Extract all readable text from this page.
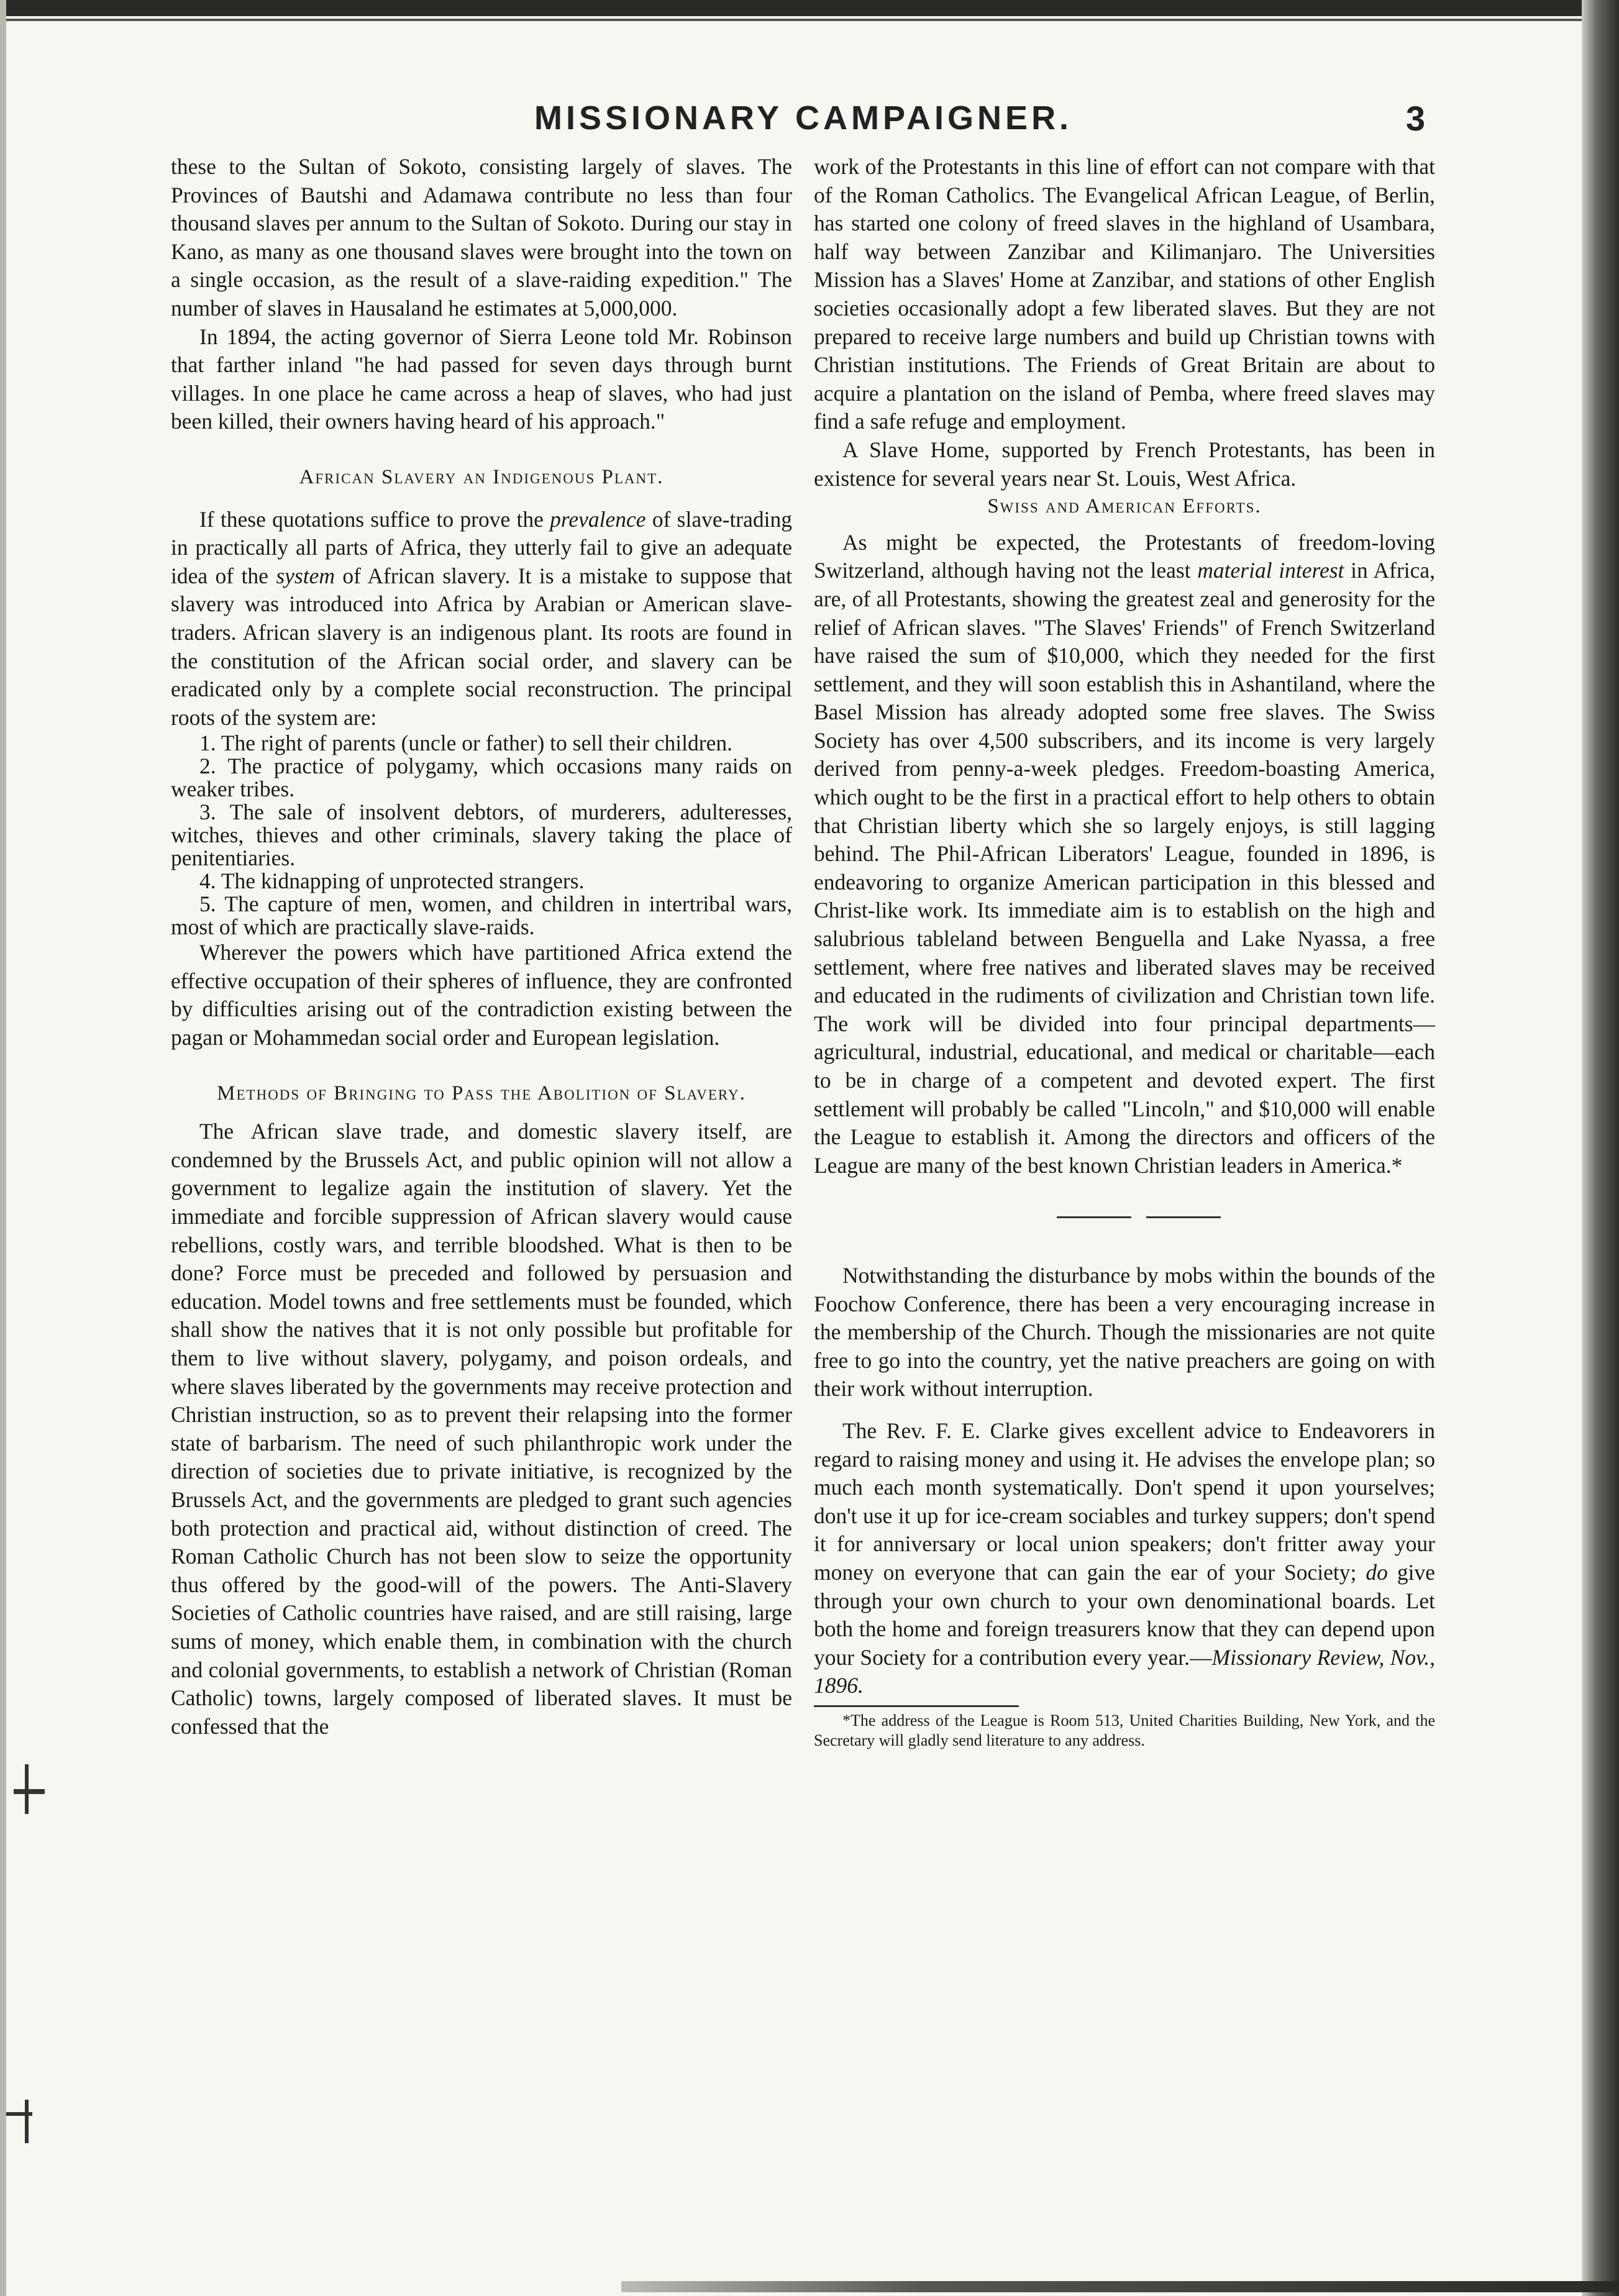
MISSIONARY CAMPAIGNER.	3

these to the Sultan of Sokoto, consisting largely of slaves. The Provinces of Bautshi and Adamawa contribute no less than four thousand slaves per annum to the Sultan of Sokoto. During our stay in Kano, as many as one thousand slaves were brought into the town on a single occasion, as the result of a slave-raiding expedition." The number of slaves in Hausaland he estimates at 5,000,000.

In 1894, the acting governor of Sierra Leone told Mr. Robinson that farther inland "he had passed for seven days through burnt villages. In one place he came across a heap of slaves, who had just been killed, their owners having heard of his approach."

African Slavery an Indigenous Plant.

If these quotations suffice to prove the prevalence of slave-trading in practically all parts of Africa, they utterly fail to give an adequate idea of the system of African slavery. It is a mistake to suppose that slavery was introduced into Africa by Arabian or American slave-traders. African slavery is an indigenous plant. Its roots are found in the constitution of the African social order, and slavery can be eradicated only by a complete social reconstruction. The principal roots of the system are:

1. The right of parents (uncle or father) to sell their children.
2. The practice of polygamy, which occasions many raids on weaker tribes.
3. The sale of insolvent debtors, of murderers, adulteresses, witches, thieves and other criminals, slavery taking the place of penitentiaries.
4. The kidnapping of unprotected strangers.
5. The capture of men, women, and children in intertribal wars, most of which are practically slave-raids.

Wherever the powers which have partitioned Africa extend the effective occupation of their spheres of influence, they are confronted by difficulties arising out of the contradiction existing between the pagan or Mohammedan social order and European legislation.

Methods of Bringing to Pass the Abolition of Slavery.

The African slave trade, and domestic slavery itself, are condemned by the Brussels Act, and public opinion will not allow a government to legalize again the institution of slavery. Yet the immediate and forcible suppression of African slavery would cause rebellions, costly wars, and terrible bloodshed. What is then to be done? Force must be preceded and followed by persuasion and education. Model towns and free settlements must be founded, which shall show the natives that it is not only possible but profitable for them to live without slavery, polygamy, and poison ordeals, and where slaves liberated by the governments may receive protection and Christian instruction, so as to prevent their relapsing into the former state of barbarism. The need of such philanthropic work under the direction of societies due to private initiative, is recognized by the Brussels Act, and the governments are pledged to grant such agencies both protection and practical aid, without distinction of creed. The Roman Catholic Church has not been slow to seize the opportunity thus offered by the good-will of the powers. The Anti-Slavery Societies of Catholic countries have raised, and are still raising, large sums of money, which enable them, in combination with the church and colonial governments, to establish a network of Christian (Roman Catholic) towns, largely composed of liberated slaves. It must be confessed that the

work of the Protestants in this line of effort can not compare with that of the Roman Catholics. The Evangelical African League, of Berlin, has started one colony of freed slaves in the highland of Usambara, half way between Zanzibar and Kilimanjaro. The Universities Mission has a Slaves' Home at Zanzibar, and stations of other English societies occasionally adopt a few liberated slaves. But they are not prepared to receive large numbers and build up Christian towns with Christian institutions. The Friends of Great Britain are about to acquire a plantation on the island of Pemba, where freed slaves may find a safe refuge and employment.

A Slave Home, supported by French Protestants, has been in existence for several years near St. Louis, West Africa.

Swiss and American Efforts.

As might be expected, the Protestants of freedom-loving Switzerland, although having not the least material interest in Africa, are, of all Protestants, showing the greatest zeal and generosity for the relief of African slaves. "The Slaves' Friends" of French Switzerland have raised the sum of $10,000, which they needed for the first settlement, and they will soon establish this in Ashantiland, where the Basel Mission has already adopted some free slaves. The Swiss Society has over 4,500 subscribers, and its income is very largely derived from penny-a-week pledges. Freedom-boasting America, which ought to be the first in a practical effort to help others to obtain that Christian liberty which she so largely enjoys, is still lagging behind. The Phil-African Liberators' League, founded in 1896, is endeavoring to organize American participation in this blessed and Christ-like work. Its immediate aim is to establish on the high and salubrious tableland between Benguella and Lake Nyassa, a free settlement, where free natives and liberated slaves may be received and educated in the rudiments of civilization and Christian town life. The work will be divided into four principal departments—agricultural, industrial, educational, and medical or charitable—each to be in charge of a competent and devoted expert. The first settlement will probably be called "Lincoln," and $10,000 will enable the League to establish it. Among the directors and officers of the League are many of the best known Christian leaders in America.*

Notwithstanding the disturbance by mobs within the bounds of the Foochow Conference, there has been a very encouraging increase in the membership of the Church. Though the missionaries are not quite free to go into the country, yet the native preachers are going on with their work without interruption.

The Rev. F. E. Clarke gives excellent advice to Endeavorers in regard to raising money and using it. He advises the envelope plan; so much each month systematically. Don't spend it upon yourselves; don't use it up for ice-cream sociables and turkey suppers; don't spend it for anniversary or local union speakers; don't fritter away your money on everyone that can gain the ear of your Society; do give through your own church to your own denominational boards. Let both the home and foreign treasurers know that they can depend upon your Society for a contribution every year.—Missionary Review, Nov., 1896.

*The address of the League is Room 513, United Charities Building, New York, and the Secretary will gladly send literature to any address.
